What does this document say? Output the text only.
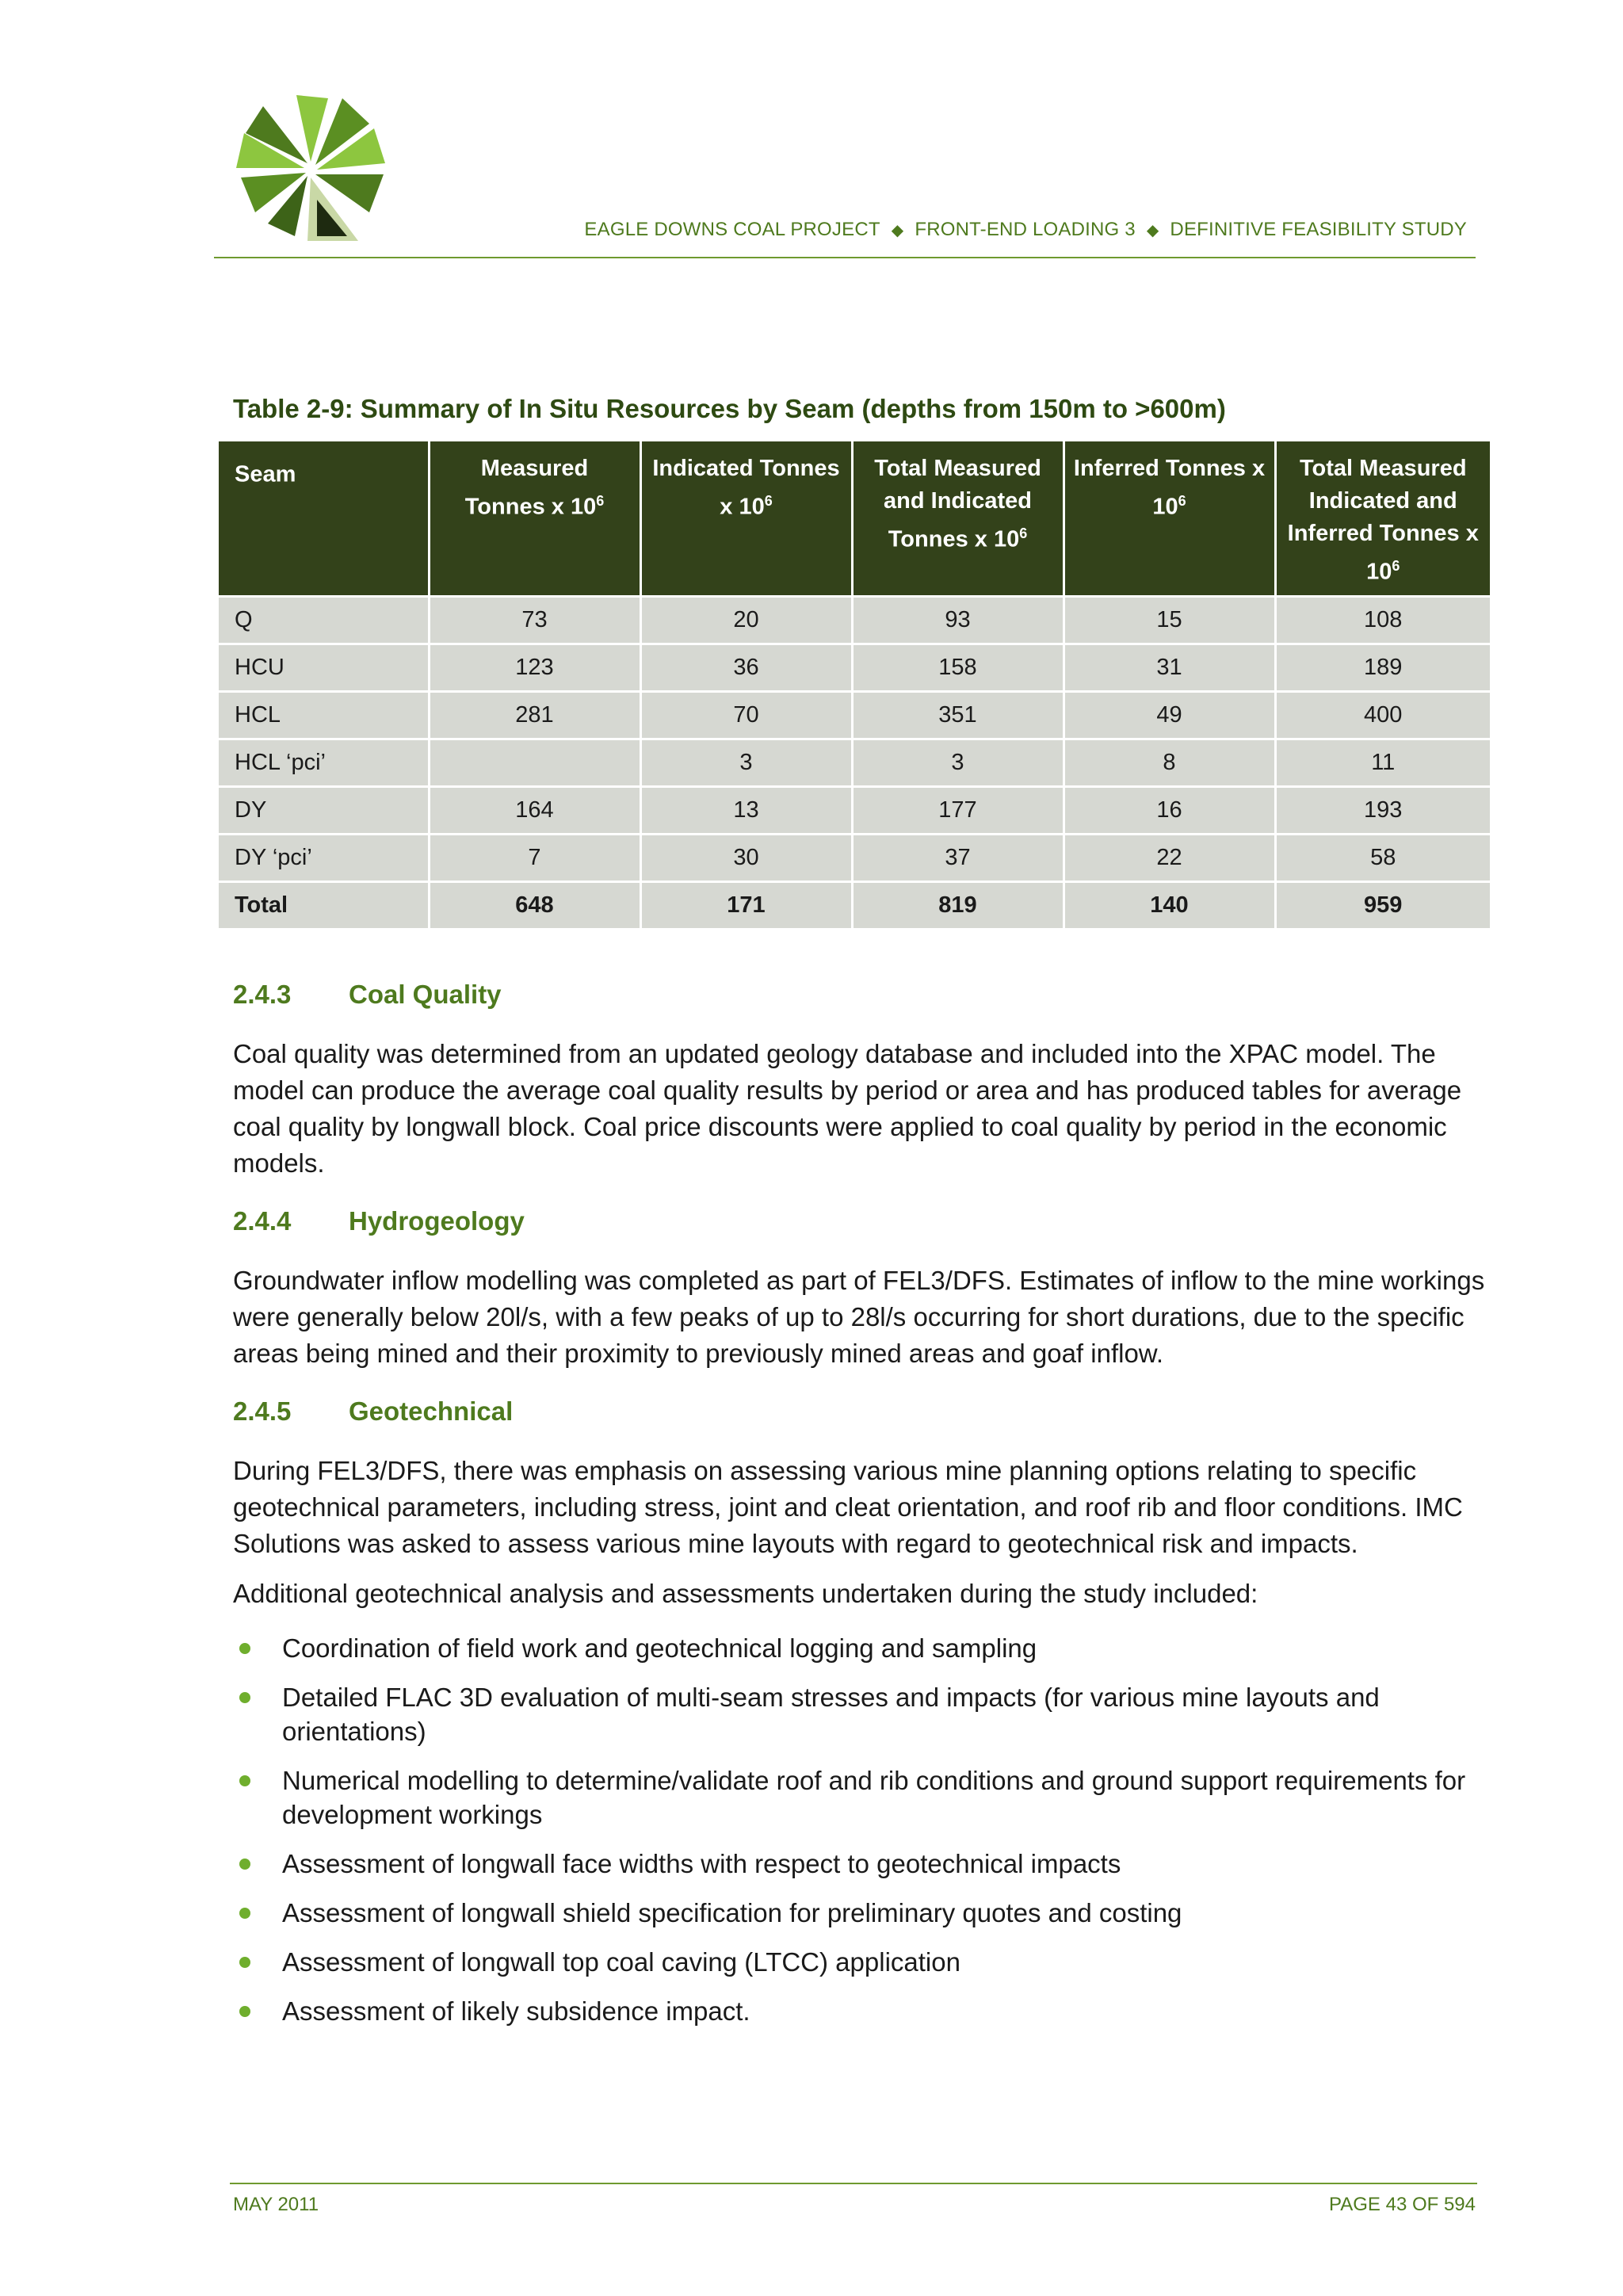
EAGLE DOWNS COAL PROJECT ◆ FRONT-END LOADING 3 ◆ DEFINITIVE FEASIBILITY STUDY
Table 2-9: Summary of In Situ Resources by Seam (depths from 150m to >600m)
Seam	Measured Tonnes x $10^6$	Indicated Tonnes x $10^6$	Total Measured and Indicated Tonnes x $10^6$	Inferred Tonnes x $10^6$	Total Measured Indicated and Inferred Tonnes x $10^6$
Q	73	20	93	15	108
HCU	123	36	158	31	189
HCL	281	70	351	49	400
HCL ‘pci’		3	3	8	11
DY	164	13	177	16	193
DY ‘pci’	7	30	37	22	58
Total	648	171	819	140	959
2.4.3 Coal Quality
Coal quality was determined from an updated geology database and included into the XPAC model. The model can produce the average coal quality results by period or area and has produced tables for average coal quality by longwall block. Coal price discounts were applied to coal quality by period in the economic models.
2.4.4 Hydrogeology
Groundwater inflow modelling was completed as part of FEL3/DFS. Estimates of inflow to the mine workings were generally below 20l/s, with a few peaks of up to 28l/s occurring for short durations, due to the specific areas being mined and their proximity to previously mined areas and goaf inflow.
2.4.5 Geotechnical
During FEL3/DFS, there was emphasis on assessing various mine planning options relating to specific geotechnical parameters, including stress, joint and cleat orientation, and roof rib and floor conditions. IMC Solutions was asked to assess various mine layouts with regard to geotechnical risk and impacts.
Additional geotechnical analysis and assessments undertaken during the study included:
Coordination of field work and geotechnical logging and sampling
Detailed FLAC 3D evaluation of multi-seam stresses and impacts (for various mine layouts and orientations)
Numerical modelling to determine/validate roof and rib conditions and ground support requirements for development workings
Assessment of longwall face widths with respect to geotechnical impacts
Assessment of longwall shield specification for preliminary quotes and costing
Assessment of longwall top coal caving (LTCC) application
Assessment of likely subsidence impact.
MAY 2011	PAGE 43 OF 594
